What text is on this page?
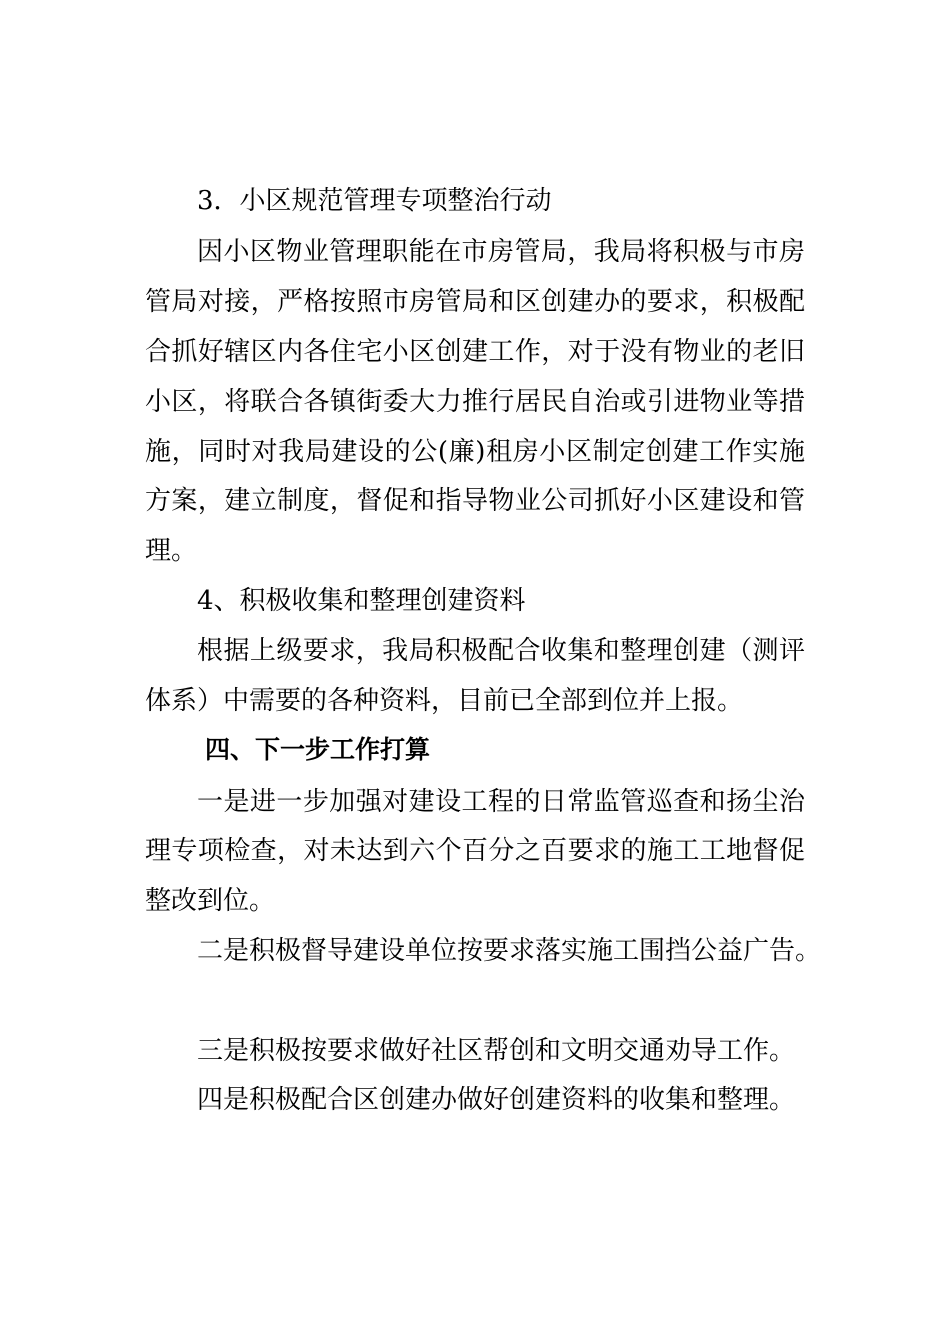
3．小区规范管理专项整治行动
因小区物业管理职能在市房管局，我局将积极与市房
管局对接，严格按照市房管局和区创建办的要求，积极配
合抓好辖区内各住宅小区创建工作，对于没有物业的老旧
小区，将联合各镇街委大力推行居民自治或引进物业等措
施，同时对我局建设的公(廉)租房小区制定创建工作实施
方案，建立制度，督促和指导物业公司抓好小区建设和管
理。
4、积极收集和整理创建资料
根据上级要求，我局积极配合收集和整理创建（测评
体系）中需要的各种资料，目前已全部到位并上报。
四、下一步工作打算
一是进一步加强对建设工程的日常监管巡查和扬尘治
理专项检查，对未达到六个百分之百要求的施工工地督促
整改到位。
二是积极督导建设单位按要求落实施工围挡公益广告。
三是积极按要求做好社区帮创和文明交通劝导工作。
四是积极配合区创建办做好创建资料的收集和整理。
